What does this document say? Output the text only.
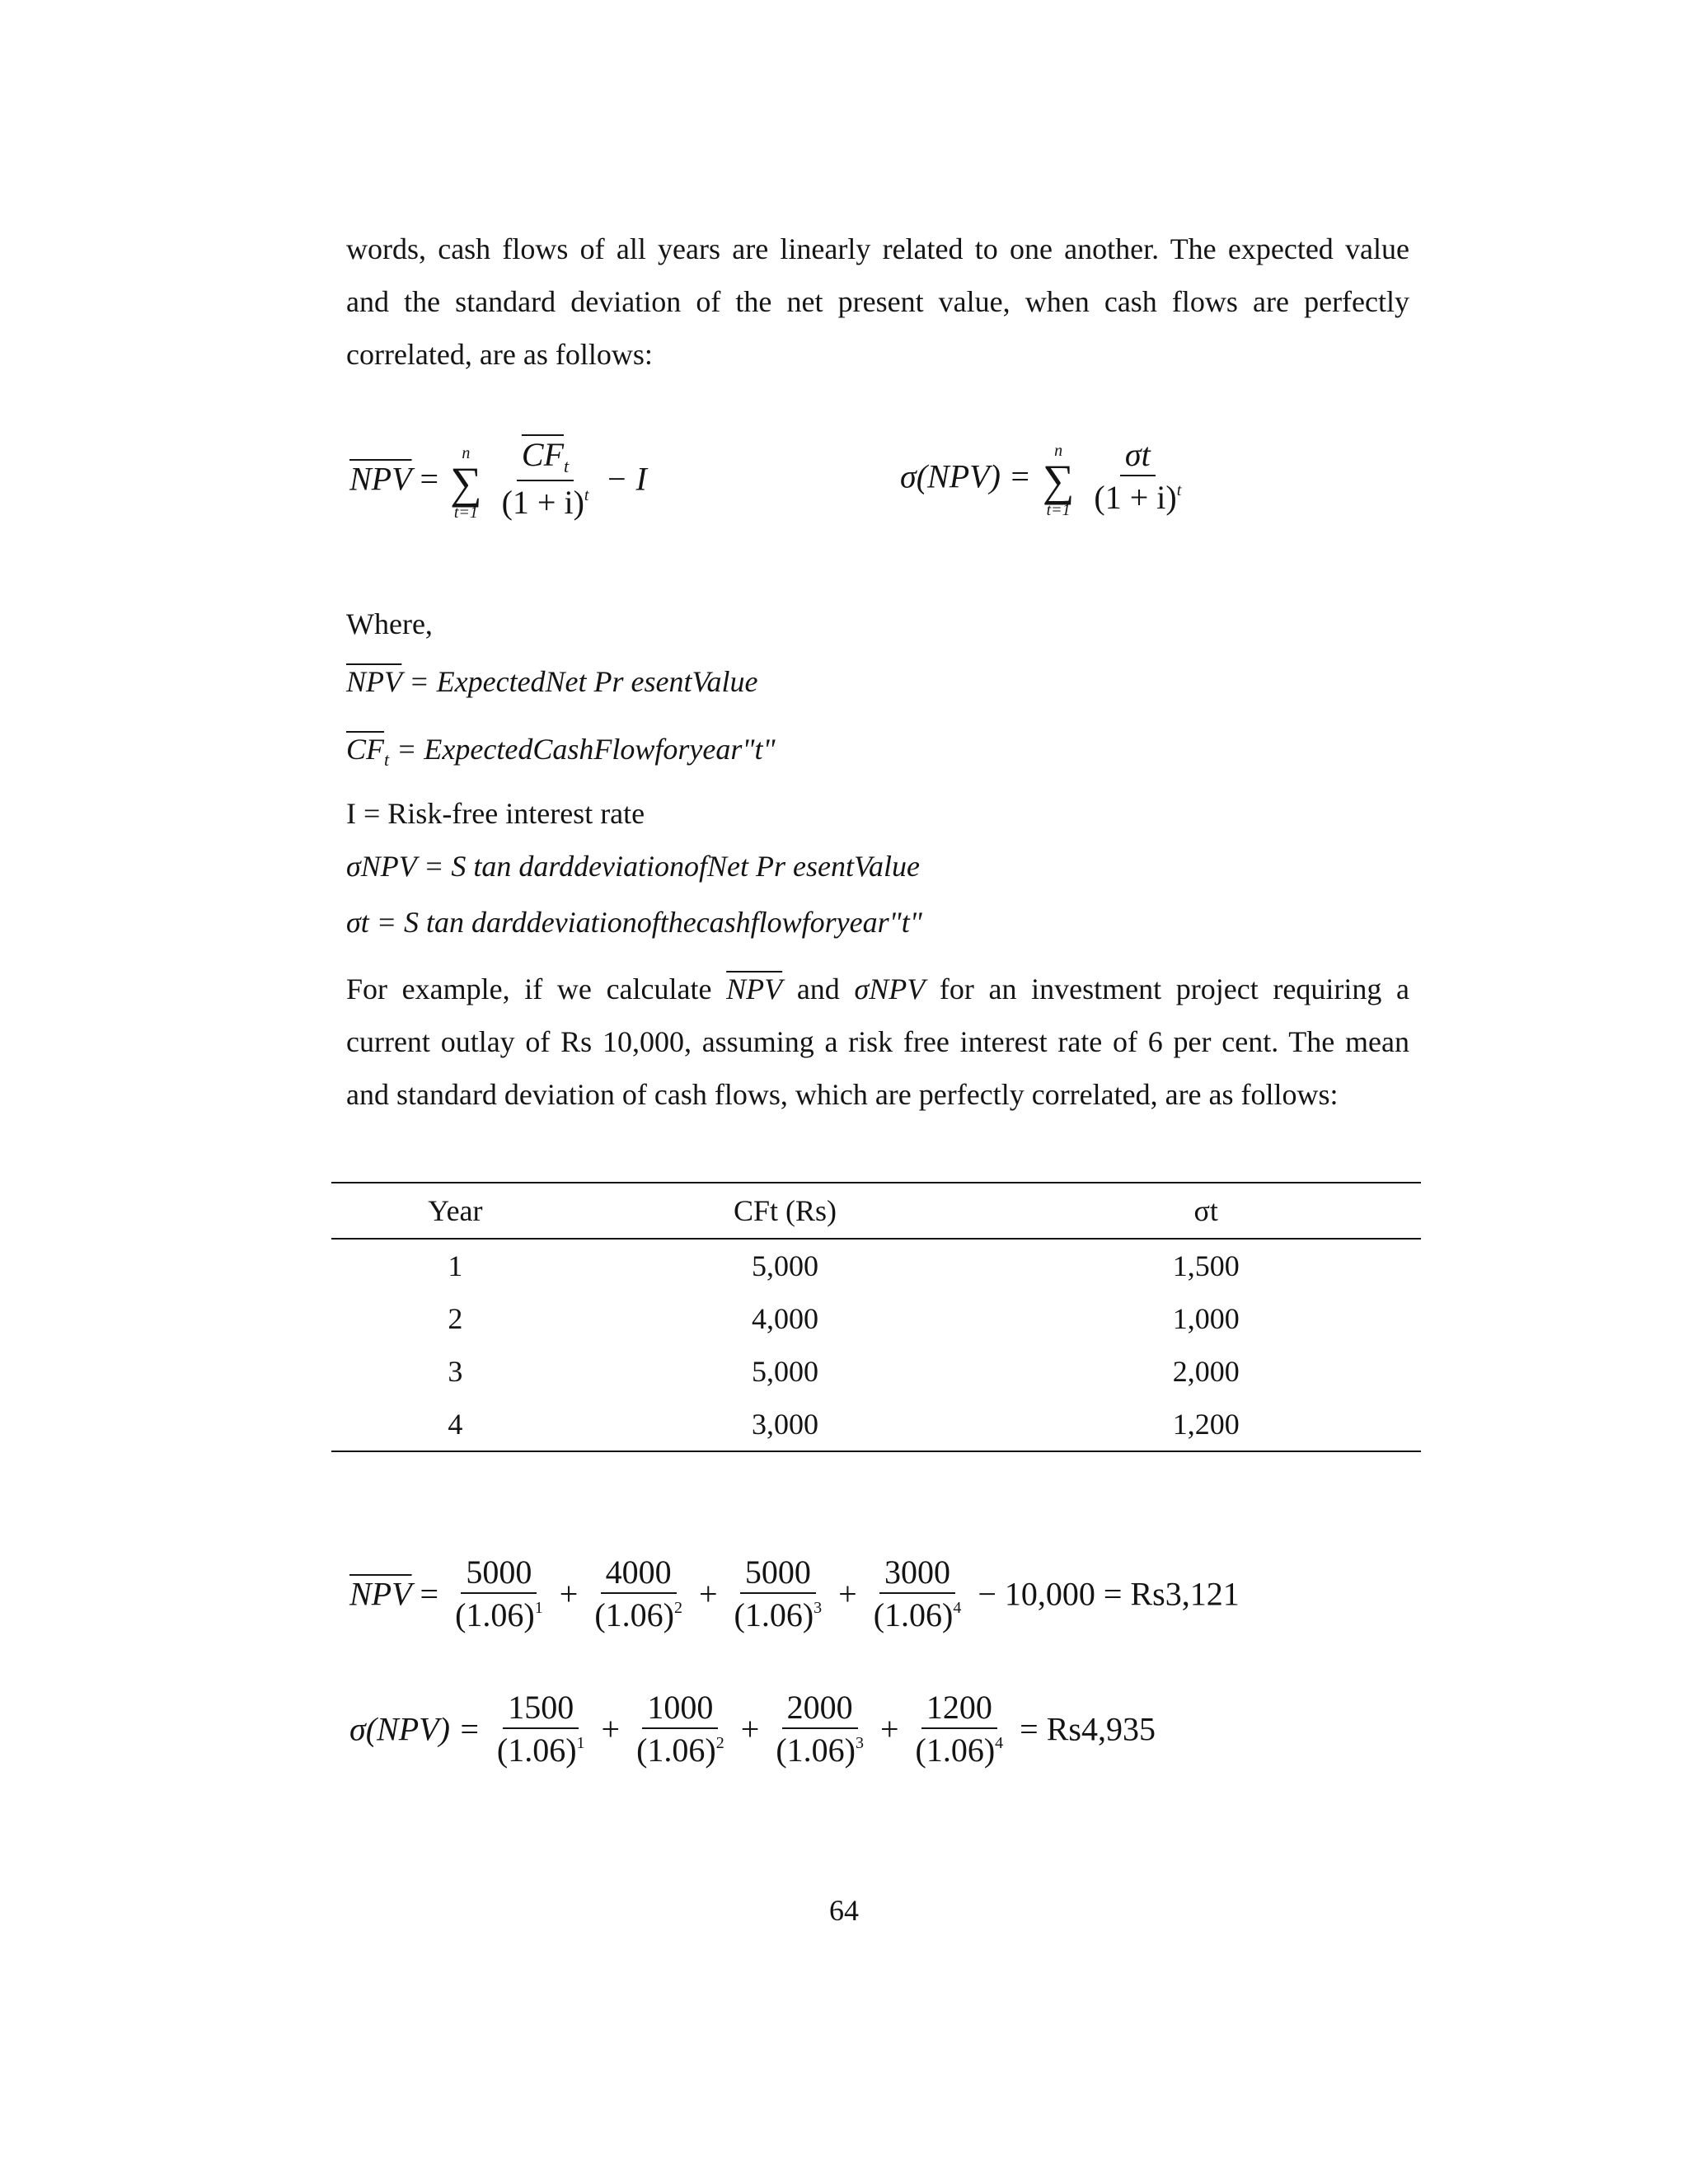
words, cash flows of all years are linearly related to one another. The expected value
and the standard deviation of the net present value, when cash flows are perfectly
correlated, are as follows:
$\overline{NPV}$ =
n
∑
t=1
$\frac{\overline{CF}_t}{(1 + i)^t} - I$	σ(NPV) =
n
∑
t=1
$\frac{\sigma t}{(1 + i)^t}$
Where,
$\overline{NPV}$ = ExpectedNet Pr esentValue
$\overline{CF}_t$ = ExpectedCashFlowforyear"t"
I = Risk-free interest rate
σNPV = S tan darddeviationofNet Pr esentValue
σt = S tan darddeviationofthecashflowforyear"t"
For example, if we calculate $\overline{NPV}$ and σNPV for an investment project requiring a
current outlay of Rs 10,000, assuming a risk free interest rate of 6 per cent. The mean
and standard deviation of cash flows, which are perfectly correlated, are as follows:
Year	CFt (Rs)	σt
1	5,000	1,500
2	4,000	1,000
3	5,000	2,000
4	3,000	1,200
$\overline{NPV} = \frac{5000}{(1.06)^1} + \frac{4000}{(1.06)^2} + \frac{5000}{(1.06)^3} + \frac{3000}{(1.06)^4} - 10,000 = Rs3,121$
$\sigma(NPV) = \frac{1500}{(1.06)^1} + \frac{1000}{(1.06)^2} + \frac{2000}{(1.06)^3} + \frac{1200}{(1.06)^4} = Rs4,935$
64
